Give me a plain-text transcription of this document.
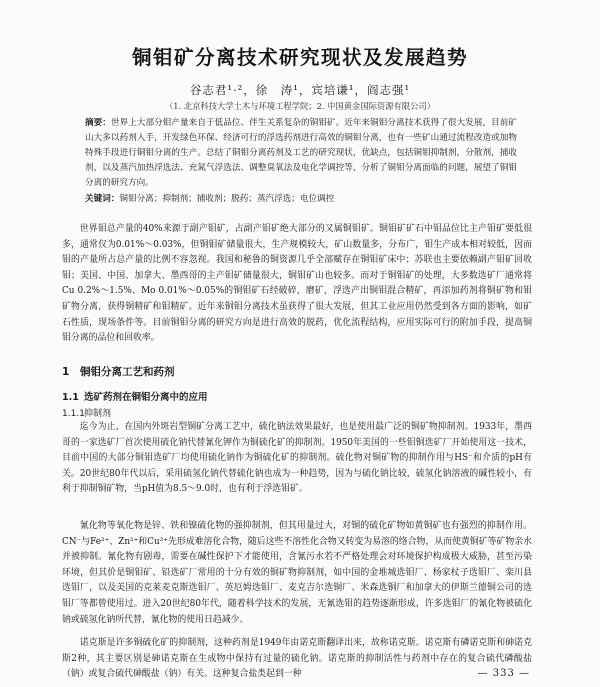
铜钼矿分离技术研究现状及发展趋势
谷志君¹·²，徐　涛¹，宾培谦¹，阎志强¹
（1. 北京科技大学土木与环境工程学院；2. 中国黄金国际资源有限公司）
摘要：世界上大部分钼产量来自于低品位、伴生关系复杂的铜钼矿。近年来铜钼分离技术获得了很大发展，目前矿山大多以药剂入手，开发绿色环保、经济可行的浮选药剂进行高效的铜钼分离，也有一些矿山通过流程改造或加物特殊手段进行铜钼分离的生产。总结了铜钼分离药剂及工艺的研究现状，优缺点，包括铜钼抑制剂，分散剂，捕收剂，以及蒸汽加热浮选法、充氮气浮选法、调整臭氧法及电化学调控等，分析了铜钼分离面临的问题，展望了铜钼分离的研究方向。
关键词：铜钼分离；抑制剂；捕收剂；脱药；蒸汽浮选；电位调控
世界钼总产量的40%来源于副产钼矿，占副产钼矿绝大部分的又属铜钼矿。铜钼矿矿石中钼品位比主产钼矿要低很多，通常仅为0.01%～0.03%，但铜钼矿储量很大，生产规模较大，矿山数量多，分布广，钼生产成本相对较低，因而钼的产量所占总产量的比例不容忽视。我国和秘鲁的铜资源几乎全部赋存在铜钼矿床中；苏联也主要依赖副产钼矿回收钼；美国、中国、加拿大、墨西哥的主产钼矿储量很大，铜钼矿山也较多。而对于铜钼矿的处理，大多数选矿厂通常将Cu 0.2%～1.5%、Mo 0.01%～0.05%的铜钼矿石经破碎，磨矿，浮选产出铜钼混合精矿，再添加药剂将铜矿物和钼矿物分离，获得铜精矿和钼精矿。近年来铜钼分离技术虽获得了很大发展，但其工业应用仍然受到各方面的影响，如矿石性质，现场条件等。目前铜钼分离的研究方向是进行高效的脱药，优化流程结构，应用实际可行的附加手段，提高铜钼分离的品位和回收率。
1 铜钼分离工艺和药剂
1.1 选矿药剂在铜钼分离中的应用
1.1.1抑制剂
迄今为止，在国内外斑岩型铜矿分离工艺中，硫化钠法效果最好，也是使用最广泛的铜矿物抑制剂。1933年，墨西哥的一家选矿厂首次使用硫化钠代替氰化钾作为铜硫化矿的抑制剂。1950年美国的一些钼铜选矿厂开始使用这一技术，目前中国的大部分铜钼选矿厂均使用硫化钠作为铜硫化矿的抑制剂。硫化物对铜矿物的抑制作用与HS⁻和介质的pH有关。20世纪80年代以后，采用硫氢化钠代替硫化钠也成为一种趋势，因为与硫化钠比较，硫氢化钠溶液的碱性较小，有利于抑制铜矿物，当pH值为8.5～9.0时，也有利于浮选钼矿。
氰化物等氧化物是锌、铁和镍硫化物的强抑制剂，但其用量过大，对铜的硫化矿物如黄铜矿也有强烈的抑制作用。CN⁻与Fe²⁺、Zn²⁺和Cu²⁺先形成难溶化合物，随后这些不溶性化合物又转变为易溶的络合物，从而使黄铜矿等矿物亲水并被抑制。氰化物有剧毒，需要在碱性保护下才能使用，含氰污水若不严格处理会对环境保护构成极大威胁，甚至污染环境，但其价是铜钼矿、铅选矿厂常用的十分有效的铜矿物抑制剂，如中国的金堆城选钼厂、杨家杖子选钼厂、栾川县选钼厂，以及美国的克莱麦克斯选钼厂、英厄姆选钼厂、麦克吉尔选铜厂、米森选铜厂和加拿大的伊斯兰德铜公司的选钼厂等都曾使用过。进入20世纪80年代，随着科学技术的发展，无氰选钼的趋势逐渐形成，许多选钼厂的氰化物被硫化钠或硫氢化钠所代替，氰化物的使用日趋减少。
诺克斯是许多铜硫化矿的抑制剂，这种药剂是1949年由诺克斯翻译出来，故称诺克斯。诺克斯有磷诺克斯和砷诺克斯2种，其主要区别是砷诺克斯在生成物中保持有过量的硫化钠。诺克斯的抑制活性与药剂中存在的复合硫代磷酸盐（钠）或复合硫代砷酸盐（钠）有关。这种复合盐类起到一种	— 333 —
